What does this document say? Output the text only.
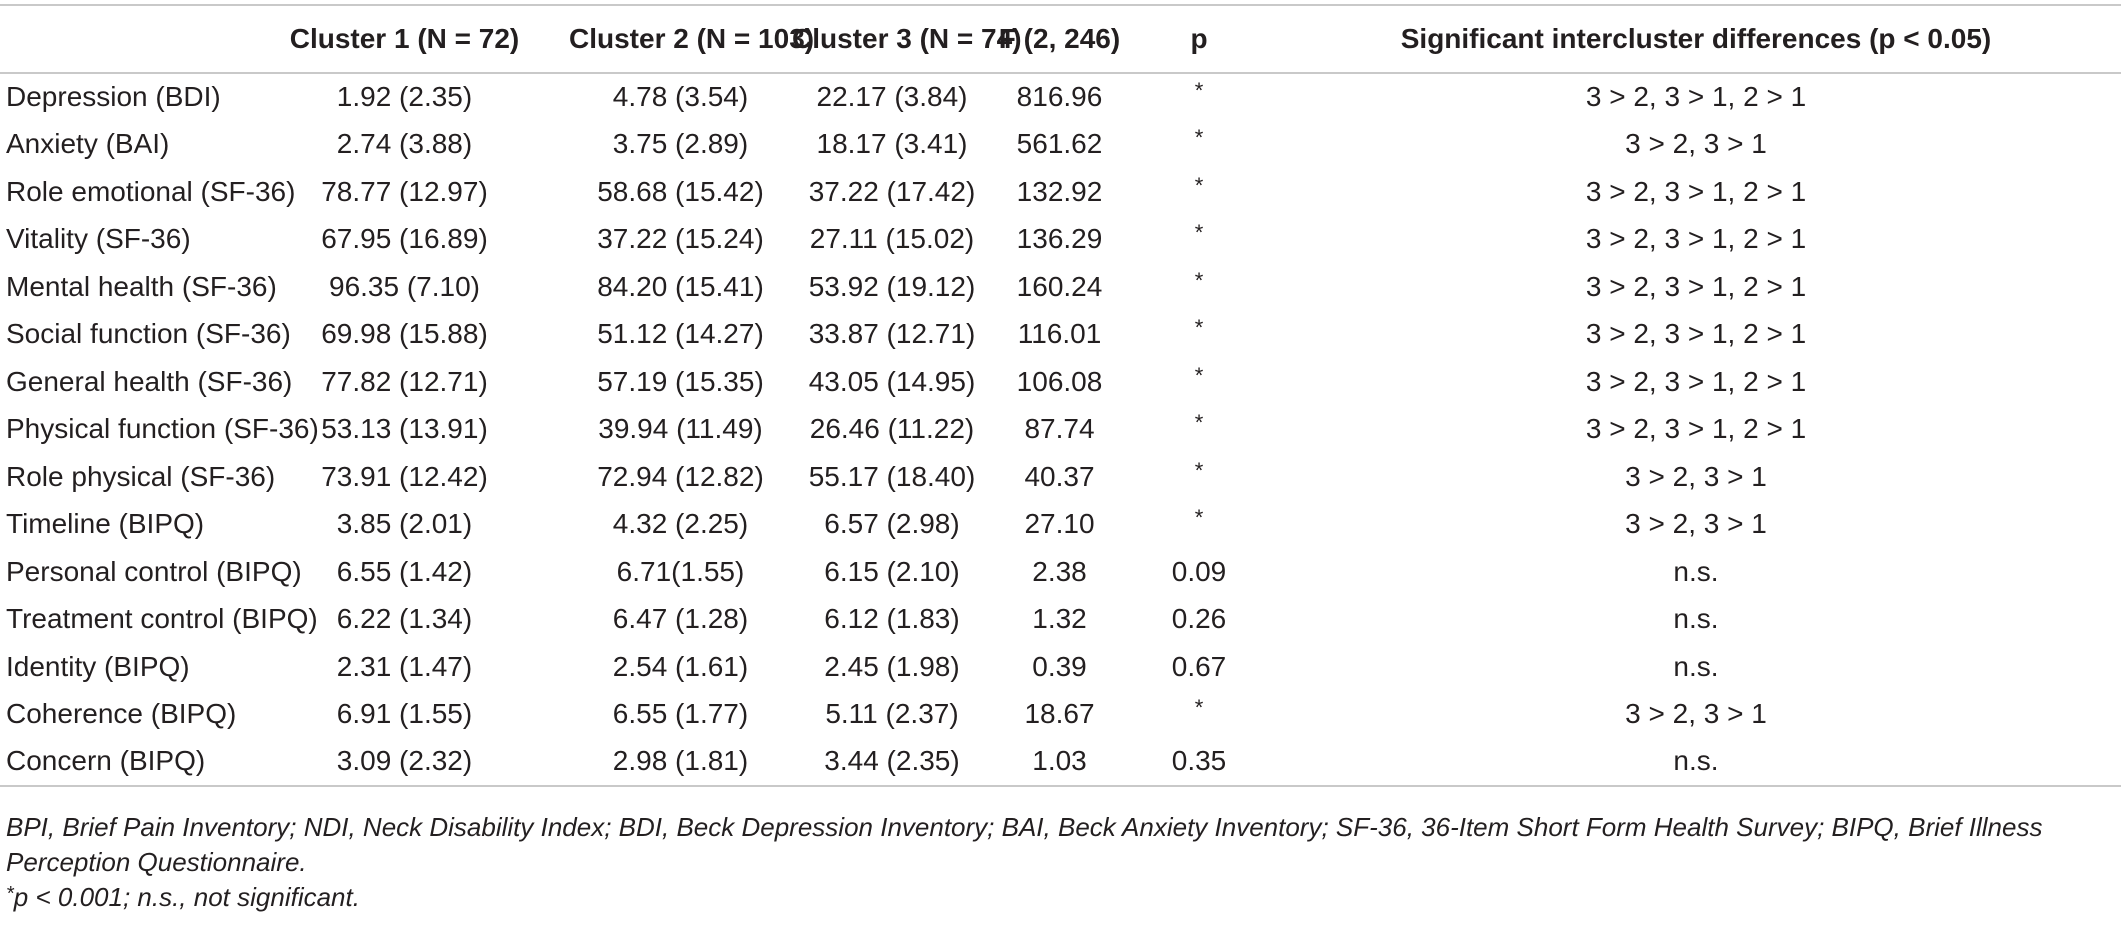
	Cluster 1 (N = 72)	Cluster 2 (N = 103)	Cluster 3 (N = 74)	F (2, 246)	p	Significant intercluster differences (p < 0.05)
Depression (BDI)	1.92 (2.35)	4.78 (3.54)	22.17 (3.84)	816.96	*	3 > 2, 3 > 1, 2 > 1
Anxiety (BAI)	2.74 (3.88)	3.75 (2.89)	18.17 (3.41)	561.62	*	3 > 2, 3 > 1
Role emotional (SF-36)	78.77 (12.97)	58.68 (15.42)	37.22 (17.42)	132.92	*	3 > 2, 3 > 1, 2 > 1
Vitality (SF-36)	67.95 (16.89)	37.22 (15.24)	27.11 (15.02)	136.29	*	3 > 2, 3 > 1, 2 > 1
Mental health (SF-36)	96.35 (7.10)	84.20 (15.41)	53.92 (19.12)	160.24	*	3 > 2, 3 > 1, 2 > 1
Social function (SF-36)	69.98 (15.88)	51.12 (14.27)	33.87 (12.71)	116.01	*	3 > 2, 3 > 1, 2 > 1
General health (SF-36)	77.82 (12.71)	57.19 (15.35)	43.05 (14.95)	106.08	*	3 > 2, 3 > 1, 2 > 1
Physical function (SF-36)	53.13 (13.91)	39.94 (11.49)	26.46 (11.22)	87.74	*	3 > 2, 3 > 1, 2 > 1
Role physical (SF-36)	73.91 (12.42)	72.94 (12.82)	55.17 (18.40)	40.37	*	3 > 2, 3 > 1
Timeline (BIPQ)	3.85 (2.01)	4.32 (2.25)	6.57 (2.98)	27.10	*	3 > 2, 3 > 1
Personal control (BIPQ)	6.55 (1.42)	6.71(1.55)	6.15 (2.10)	2.38	0.09	n.s.
Treatment control (BIPQ)	6.22 (1.34)	6.47 (1.28)	6.12 (1.83)	1.32	0.26	n.s.
Identity (BIPQ)	2.31 (1.47)	2.54 (1.61)	2.45 (1.98)	0.39	0.67	n.s.
Coherence (BIPQ)	6.91 (1.55)	6.55 (1.77)	5.11 (2.37)	18.67	*	3 > 2, 3 > 1
Concern (BIPQ)	3.09 (2.32)	2.98 (1.81)	3.44 (2.35)	1.03	0.35	n.s.

BPI, Brief Pain Inventory; NDI, Neck Disability Index; BDI, Beck Depression Inventory; BAI, Beck Anxiety Inventory; SF-36, 36-Item Short Form Health Survey; BIPQ, Brief Illness Perception Questionnaire.

*p < 0.001; n.s., not significant.
